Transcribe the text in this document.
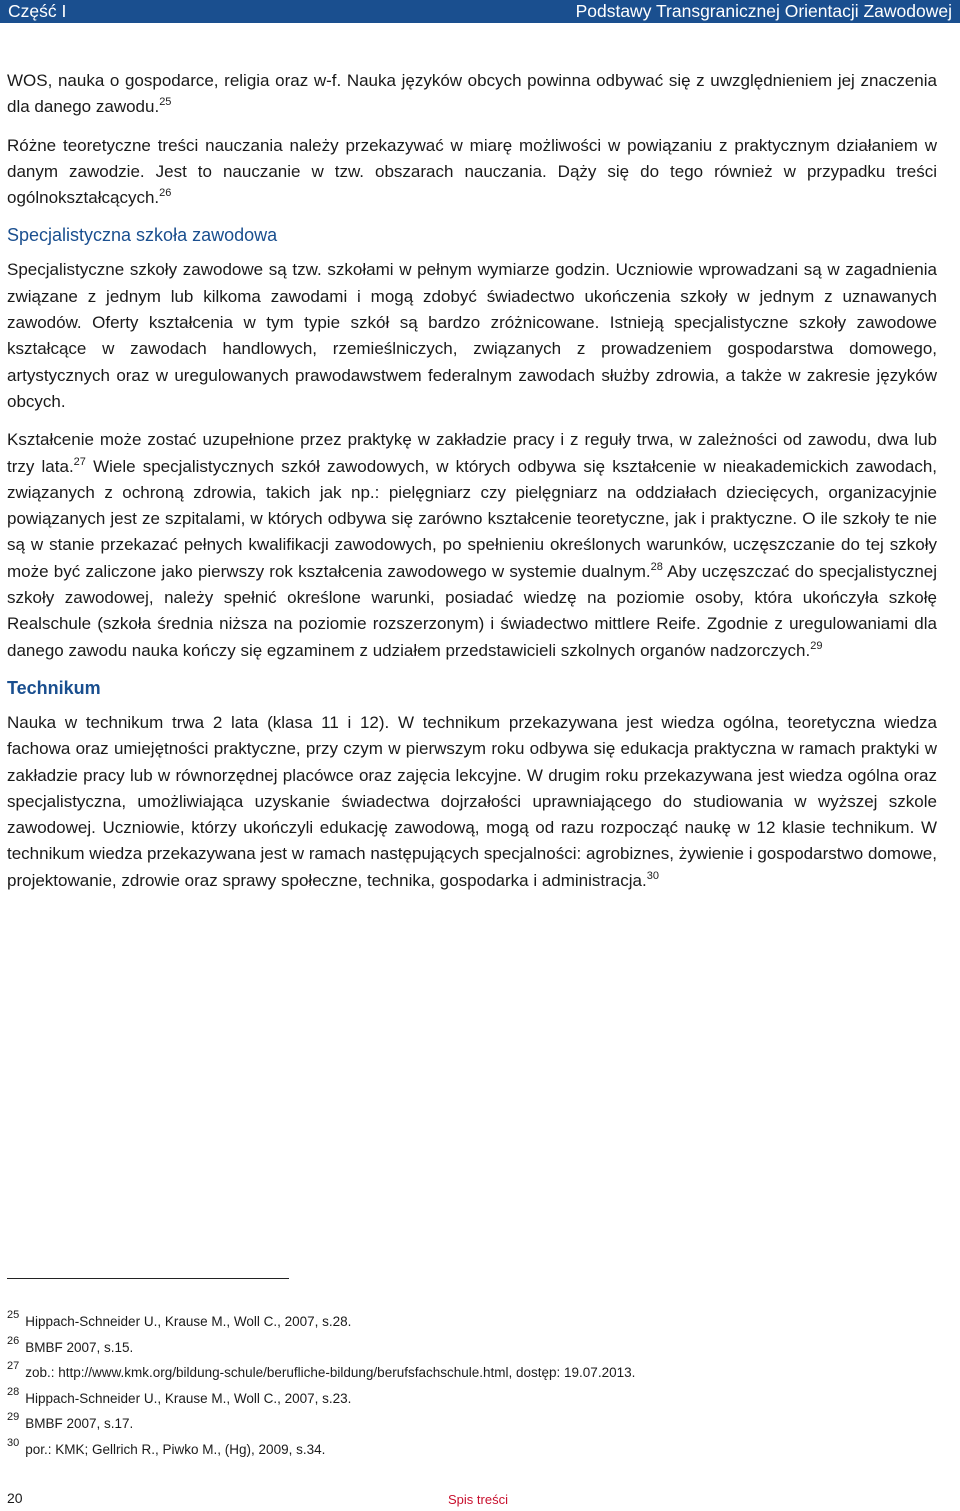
Część I	Podstawy Transgranicznej Orientacji Zawodowej

WOS, nauka o gospodarce, religia oraz w-f. Nauka języków obcych powinna odbywać się z uwzględnieniem jej znaczenia dla danego zawodu.$^{25}$

Różne teoretyczne treści nauczania należy przekazywać w miarę możliwości w powiązaniu z praktycznym działaniem w danym zawodzie. Jest to nauczanie w tzw. obszarach nauczania. Dąży się do tego również w przypadku treści ogólnokształcących.$^{26}$

Specjalistyczna szkoła zawodowa

Specjalistyczne szkoły zawodowe są tzw. szkołami w pełnym wymiarze godzin. Uczniowie wprowadzani są w zagadnienia związane z jednym lub kilkoma zawodami i mogą zdobyć świadectwo ukończenia szkoły w jednym z uznawanych zawodów. Oferty kształcenia w tym typie szkół są bardzo zróżnicowane. Istnieją specjalistyczne szkoły zawodowe kształcące w zawodach handlowych, rzemieślniczych, związanych z prowadzeniem gospodarstwa domowego, artystycznych oraz w uregulowanych prawodawstwem federalnym zawodach służby zdrowia, a także w zakresie języków obcych.

Kształcenie może zostać uzupełnione przez praktykę w zakładzie pracy i z reguły trwa, w zależności od zawodu, dwa lub trzy lata.$^{27}$ Wiele specjalistycznych szkół zawodowych, w których odbywa się kształcenie w nieakademickich zawodach, związanych z ochroną zdrowia, takich jak np.: pielęgniarz czy pielęgniarz na oddziałach dziecięcych, organizacyjnie powiązanych jest ze szpitalami, w których odbywa się zarówno kształcenie teoretyczne, jak i praktyczne. O ile szkoły te nie są w stanie przekazać pełnych kwalifikacji zawodowych, po spełnieniu określonych warunków, uczęszczanie do tej szkoły może być zaliczone jako pierwszy rok kształcenia zawodowego w systemie dualnym.$^{28}$ Aby uczęszczać do specjalistycznej szkoły zawodowej, należy spełnić określone warunki, posiadać wiedzę na poziomie osoby, która ukończyła szkołę Realschule (szkoła średnia niższa na poziomie rozszerzonym) i świadectwo mittlere Reife. Zgodnie z uregulowaniami dla danego zawodu nauka kończy się egzaminem z udziałem przedstawicieli szkolnych organów nadzorczych.$^{29}$

Technikum

Nauka w technikum trwa 2 lata (klasa 11 i 12). W technikum przekazywana jest wiedza ogólna, teoretyczna wiedza fachowa oraz umiejętności praktyczne, przy czym w pierwszym roku odbywa się edukacja praktyczna w ramach praktyki w zakładzie pracy lub w równorzędnej placówce oraz zajęcia lekcyjne. W drugim roku przekazywana jest wiedza ogólna oraz specjalistyczna, umożliwiająca uzyskanie świadectwa dojrzałości uprawniającego do studiowania w wyższej szkole zawodowej. Uczniowie, którzy ukończyli edukację zawodową, mogą od razu rozpocząć naukę w 12 klasie technikum. W technikum wiedza przekazywana jest w ramach następujących specjalności: agrobiznes, żywienie i gospodarstwo domowe, projektowanie, zdrowie oraz sprawy społeczne, technika, gospodarka i administracja.$^{30}$

$^{25}$ Hippach-Schneider U., Krause M., Woll C., 2007, s.28.
$^{26}$ BMBF 2007, s.15.
$^{27}$ zob.: http://www.kmk.org/bildung-schule/berufliche-bildung/berufsfachschule.html, dostęp: 19.07.2013.
$^{28}$ Hippach-Schneider U., Krause M., Woll C., 2007, s.23.
$^{29}$ BMBF 2007, s.17.
$^{30}$ por.: KMK; Gellrich R., Piwko M., (Hg), 2009, s.34.
20	Spis treści
